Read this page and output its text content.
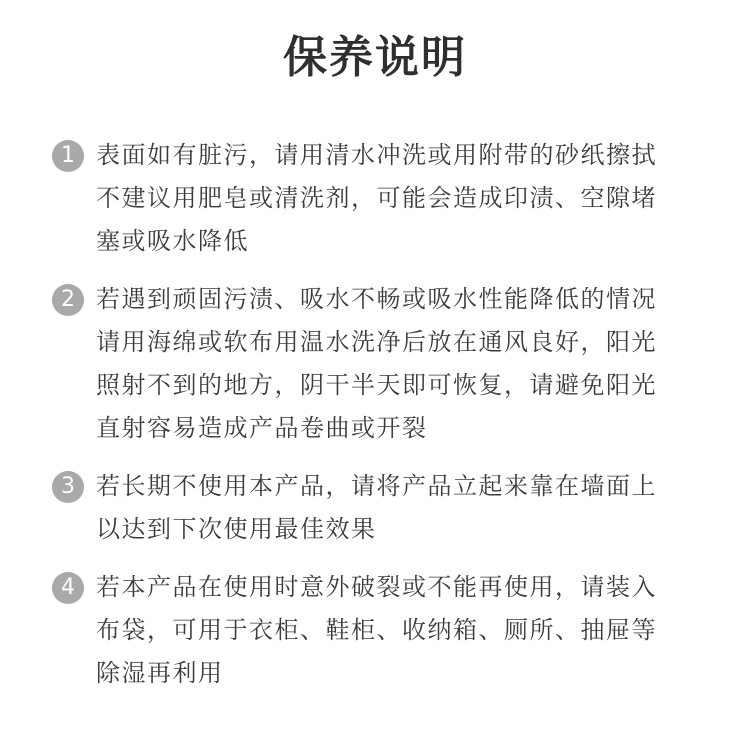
保养说明
1 表面如有脏污，请用清水冲洗或用附带的砂纸擦拭
不建议用肥皂或清洗剂，可能会造成印渍、空隙堵
塞或吸水降低
2 若遇到顽固污渍、吸水不畅或吸水性能降低的情况
请用海绵或软布用温水洗净后放在通风良好，阳光
照射不到的地方，阴干半天即可恢复，请避免阳光
直射容易造成产品卷曲或开裂
3 若长期不使用本产品，请将产品立起来靠在墙面上
以达到下次使用最佳效果
4 若本产品在使用时意外破裂或不能再使用，请装入
布袋，可用于衣柜、鞋柜、收纳箱、厕所、抽屉等
除湿再利用
